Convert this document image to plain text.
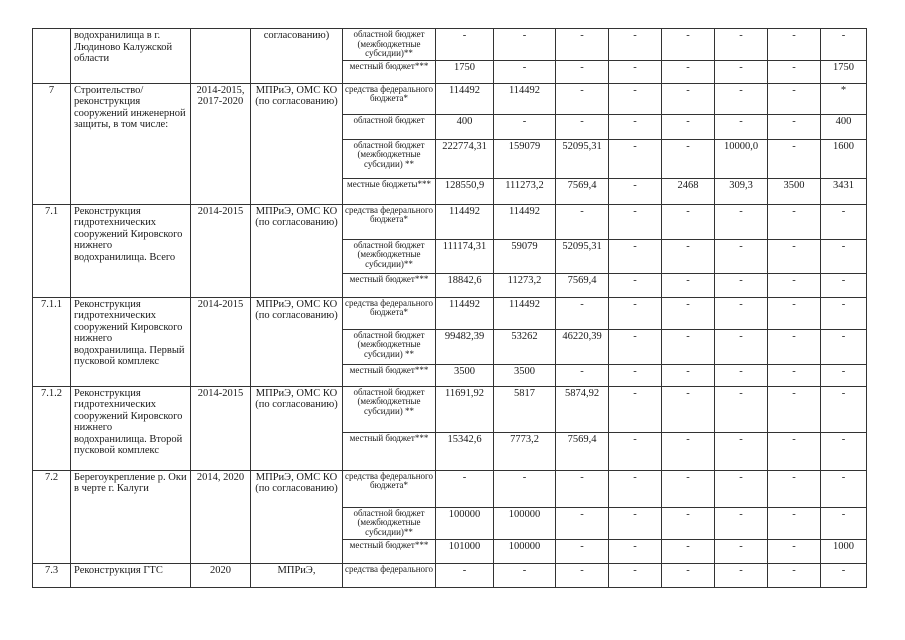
	водохранилища в г. Людиново Калужской области		согласованию)	областной бюджет (межбюджетные субсидии)**	-	-	-	-	-	-	-	-
				местный бюджет***	1750	-	-	-	-	-	-	1750
7	Строительство/ реконструкция сооружений инженерной защиты, в том числе:	2014-2015, 2017-2020	МПРиЭ, ОМС КО (по согласованию)	средства федерального бюджета*	114492	114492	-	-	-	-	-	*
				областной бюджет	400	-	-	-	-	-	-	400
				областной бюджет (межбюджетные субсидии) **	222774,31	159079	52095,31	-	-	10000,0	-	1600
				местные бюджеты***	128550,9	111273,2	7569,4	-	2468	309,3	3500	3431
7.1	Реконструкция гидротехнических сооружений Кировского нижнего водохранилища. Всего	2014-2015	МПРиЭ, ОМС КО (по согласованию)	средства федерального бюджета*	114492	114492	-	-	-	-	-	-
				областной бюджет (межбюджетные субсидии)**	111174,31	59079	52095,31	-	-	-	-	-
				местный бюджет***	18842,6	11273,2	7569,4	-	-	-	-	-
7.1.1	Реконструкция гидротехнических сооружений Кировского нижнего водохранилища. Первый пусковой комплекс	2014-2015	МПРиЭ, ОМС КО (по согласованию)	средства федерального бюджета*	114492	114492	-	-	-	-	-	-
				областной бюджет (межбюджетные субсидии) **	99482,39	53262	46220,39	-	-	-	-	-
				местный бюджет***	3500	3500	-	-	-	-	-	-
7.1.2	Реконструкция гидротехнических сооружений Кировского нижнего водохранилища. Второй пусковой комплекс	2014-2015	МПРиЭ, ОМС КО (по согласованию)	областной бюджет (межбюджетные субсидии) **	11691,92	5817	5874,92	-	-	-	-	-
				местный бюджет***	15342,6	7773,2	7569,4	-	-	-	-	-
7.2	Берегоукрепление р. Оки в черте г. Калуги	2014, 2020	МПРиЭ, ОМС КО (по согласованию)	средства федерального бюджета*	-	-	-	-	-	-	-	-
				областной бюджет (межбюджетные субсидии)**	100000	100000	-	-	-	-	-	-
				местный бюджет***	101000	100000	-	-	-	-	-	1000
7.3	Реконструкция ГТС	2020	МПРиЭ,	средства федерального	-	-	-	-	-	-	-	-
